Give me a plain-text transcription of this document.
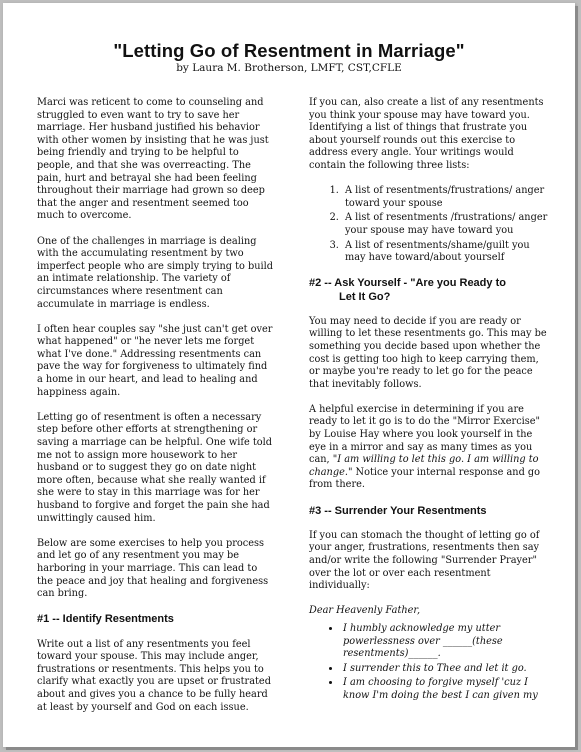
"Letting Go of Resentment in Marriage"
by Laura M. Brotherson, LMFT, CST,CFLE

Marci was reticent to come to counseling and struggled to even want to try to save her marriage. Her husband justified his behavior with other women by insisting that he was just being friendly and trying to be helpful to people, and that she was overreacting. The pain, hurt and betrayal she had been feeling throughout their marriage had grown so deep that the anger and resentment seemed too much to overcome.

One of the challenges in marriage is dealing with the accumulating resentment by two imperfect people who are simply trying to build an intimate relationship. The variety of circumstances where resentment can accumulate in marriage is endless.

I often hear couples say "she just can't get over what happened" or "he never lets me forget what I've done." Addressing resentments can pave the way for forgiveness to ultimately find a home in our heart, and lead to healing and happiness again.

Letting go of resentment is often a necessary step before other efforts at strengthening or saving a marriage can be helpful. One wife told me not to assign more housework to her husband or to suggest they go on date night more often, because what she really wanted if she were to stay in this marriage was for her husband to forgive and forget the pain she had unwittingly caused him.

Below are some exercises to help you process and let go of any resentment you may be harboring in your marriage. This can lead to the peace and joy that healing and forgiveness can bring.

#1 -- Identify Resentments

Write out a list of any resentments you feel toward your spouse. This may include anger, frustrations or resentments. This helps you to clarify what exactly you are upset or frustrated about and gives you a chance to be fully heard at least by yourself and God on each issue.

If you can, also create a list of any resentments you think your spouse may have toward you. Identifying a list of things that frustrate you about yourself rounds out this exercise to address every angle. Your writings would contain the following three lists:

1. A list of resentments/frustrations/ anger toward your spouse
2. A list of resentments /frustrations/ anger your spouse may have toward you
3. A list of resentments/shame/guilt you may have toward/about yourself
#2 -- Ask Yourself - "Are you Ready to
Let It Go?

You may need to decide if you are ready or willing to let these resentments go. This may be something you decide based upon whether the cost is getting too high to keep carrying them, or maybe you're ready to let go for the peace that inevitably follows.

A helpful exercise in determining if you are ready to let it go is to do the "Mirror Exercise" by Louise Hay where you look yourself in the eye in a mirror and say as many times as you can, "I am willing to let this go. I am willing to change." Notice your internal response and go from there.

#3 -- Surrender Your Resentments

If you can stomach the thought of letting go of your anger, frustrations, resentments then say and/or write the following "Surrender Prayer" over the lot or over each resentment individually:

Dear Heavenly Father,
• I humbly acknowledge my utter powerlessness over ______(these resentments)______.
• I surrender this to Thee and let it go.
• I am choosing to forgive myself 'cuz I know I'm doing the best I can given my
